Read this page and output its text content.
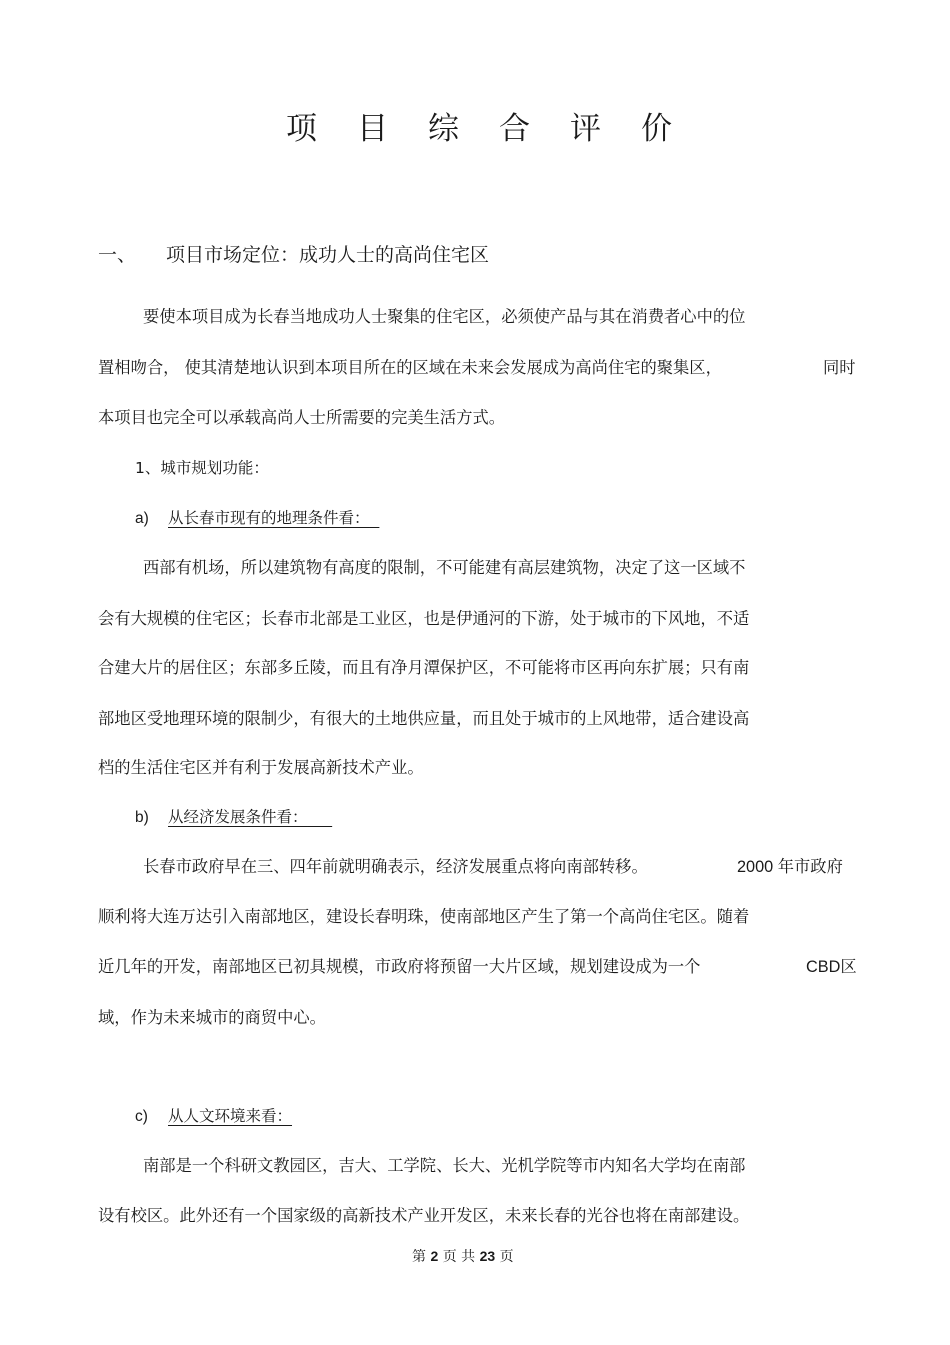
项目综合评价
一、 项目市场定位：成功人士的高尚住宅区
要使本项目成为长春当地成功人士聚集的住宅区，必须使产品与其在消费者心中的位
置相吻合， 使其清楚地认识到本项目所在的区域在未来会发展成为高尚住宅的聚集区，	同时
本项目也完全可以承载高尚人士所需要的完美生活方式。
1、城市规划功能：
a) 从长春市现有的地理条件看：
西部有机场，所以建筑物有高度的限制，不可能建有高层建筑物，决定了这一区域不
会有大规模的住宅区；长春市北部是工业区，也是伊通河的下游，处于城市的下风地，不适
合建大片的居住区；东部多丘陵，而且有净月潭保护区，不可能将市区再向东扩展；只有南
部地区受地理环境的限制少，有很大的土地供应量，而且处于城市的上风地带，适合建设高
档的生活住宅区并有利于发展高新技术产业。
b) 从经济发展条件看：
长春市政府早在三、四年前就明确表示，经济发展重点将向南部转移。	2000 年市政府
顺利将大连万达引入南部地区，建设长春明珠，使南部地区产生了第一个高尚住宅区。随着
近几年的开发，南部地区已初具规模，市政府将预留一大片区域，规划建设成为一个	CBD区
域，作为未来城市的商贸中心。
c) 从人文环境来看：
南部是一个科研文教园区，吉大、工学院、长大、光机学院等市内知名大学均在南部
设有校区。此外还有一个国家级的高新技术产业开发区，未来长春的光谷也将在南部建设。
第 2 页 共 23 页
